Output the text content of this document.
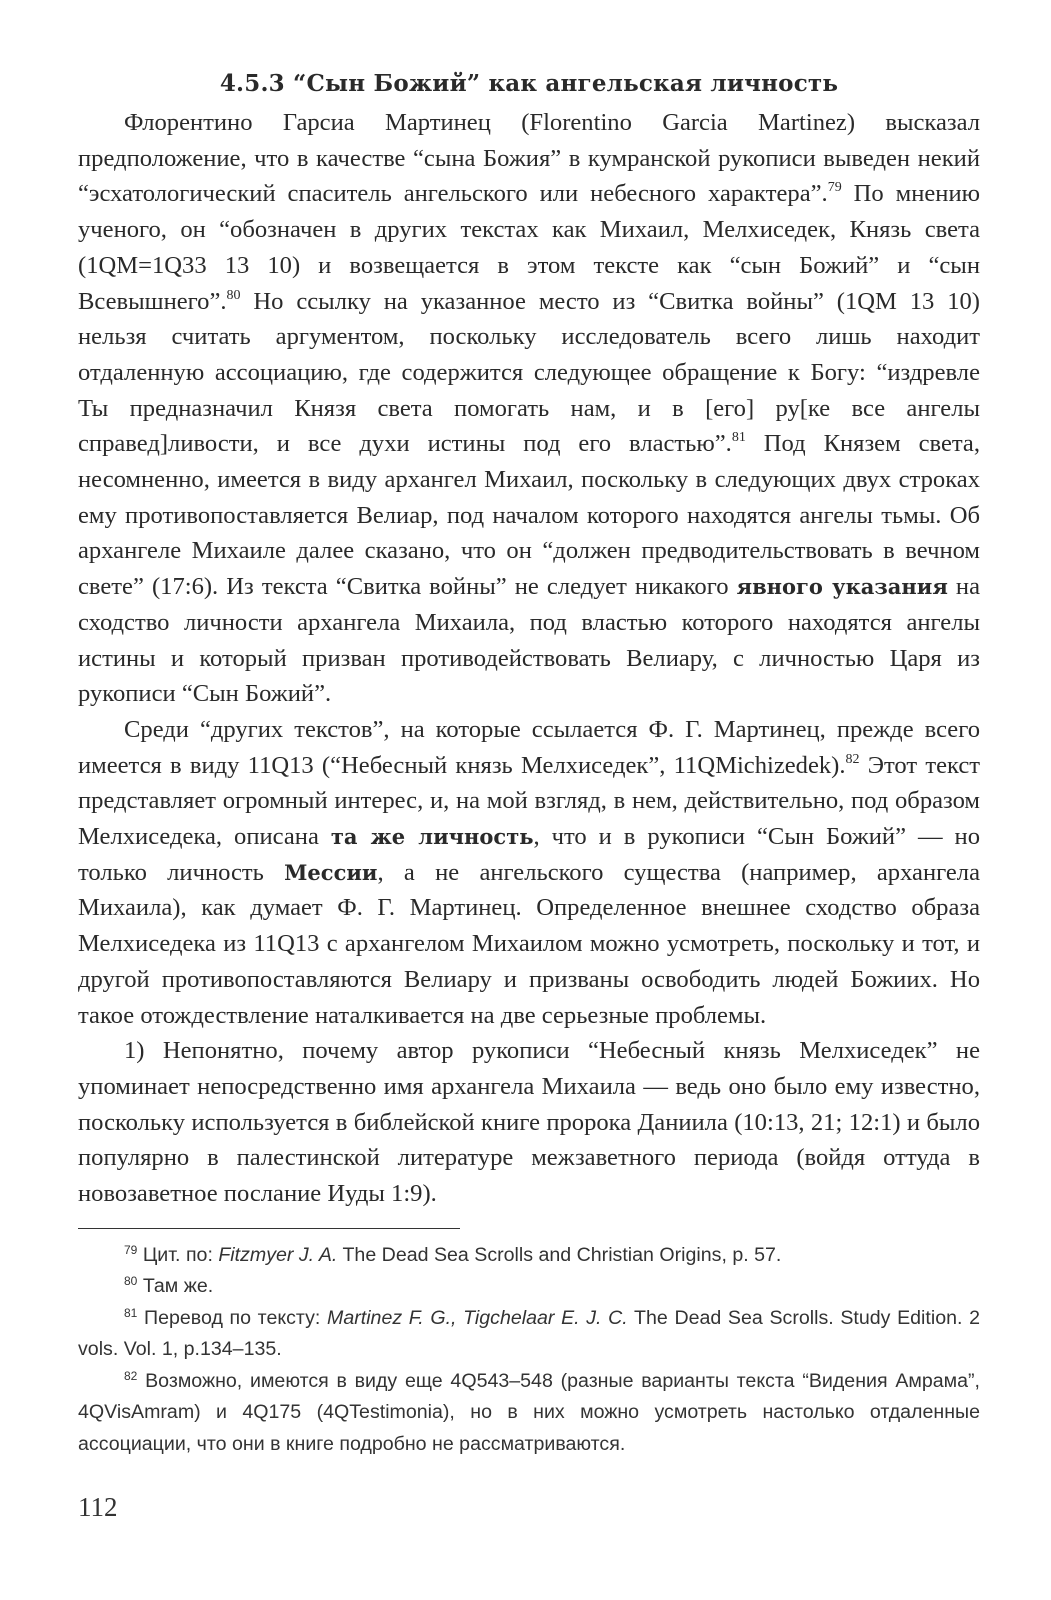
4.5.3 “Сын Божий” как ангельская личность

Флорентино Гарсиа Мартинец (Florentino Garcia Martinez) высказал предположение, что в качестве “сына Божия” в кумранской рукописи выведен некий “эсхатологический спаситель ангельского или небесного характера”.$^{79}$ По мнению ученого, он “обозначен в других текстах как Михаил, Мелхиседек, Князь света (1QM=1Q33 13 10) и возвещается в этом тексте как “сын Божий” и “сын Всевышнего”.$^{80}$ Но ссылку на указанное место из “Свитка войны” (1QM 13 10) нельзя считать аргументом, поскольку исследователь всего лишь находит отдаленную ассоциацию, где содержится следующее обращение к Богу: “издревле Ты предназначил Князя света помогать нам, и в [его] ру[ке все ангелы справед]ливости, и все духи истины под его властью”.$^{81}$ Под Князем света, несомненно, имеется в виду архангел Михаил, поскольку в следующих двух строках ему противопоставляется Велиар, под началом которого находятся ангелы тьмы. Об архангеле Михаиле далее сказано, что он “должен предводительствовать в вечном свете” (17:6). Из текста “Свитка войны” не следует никакого явного указания на сходство личности архангела Михаила, под властью которого находятся ангелы истины и который призван противодействовать Велиару, с личностью Царя из рукописи “Сын Божий”.

Среди “других текстов”, на которые ссылается Ф. Г. Мартинец, прежде всего имеется в виду 11Q13 (“Небесный князь Мелхиседек”, 11QMichizedek).$^{82}$ Этот текст представляет огромный интерес, и, на мой взгляд, в нем, действительно, под образом Мелхиседека, описана та же личность, что и в рукописи “Сын Божий” — но только личность Мессии, а не ангельского существа (например, архангела Михаила), как думает Ф. Г. Мартинец. Определенное внешнее сходство образа Мелхиседека из 11Q13 с архангелом Михаилом можно усмотреть, поскольку и тот, и другой противопоставляются Велиару и призваны освободить людей Божиих. Но такое отождествление наталкивается на две серьезные проблемы.

1) Непонятно, почему автор рукописи “Небесный князь Мелхиседек” не упоминает непосредственно имя архангела Михаила — ведь оно было ему известно, поскольку используется в библейской книге пророка Даниила (10:13, 21; 12:1) и было популярно в палестинской литературе межзаветного периода (войдя оттуда в новозаветное послание Иуды 1:9).

$^{79}$ Цит. по: Fitzmyer J. A. The Dead Sea Scrolls and Christian Origins, p. 57.

$^{80}$ Там же.

$^{81}$ Перевод по тексту: Martinez F. G., Tigchelaar E. J. C. The Dead Sea Scrolls. Study Edition. 2 vols. Vol. 1, p.134–135.

$^{82}$ Возможно, имеются в виду еще 4Q543–548 (разные варианты текста “Видения Амрама”, 4QVisAmram) и 4Q175 (4QTestimonia), но в них можно усмотреть настолько отдаленные ассоциации, что они в книге подробно не рассматриваются.

112
